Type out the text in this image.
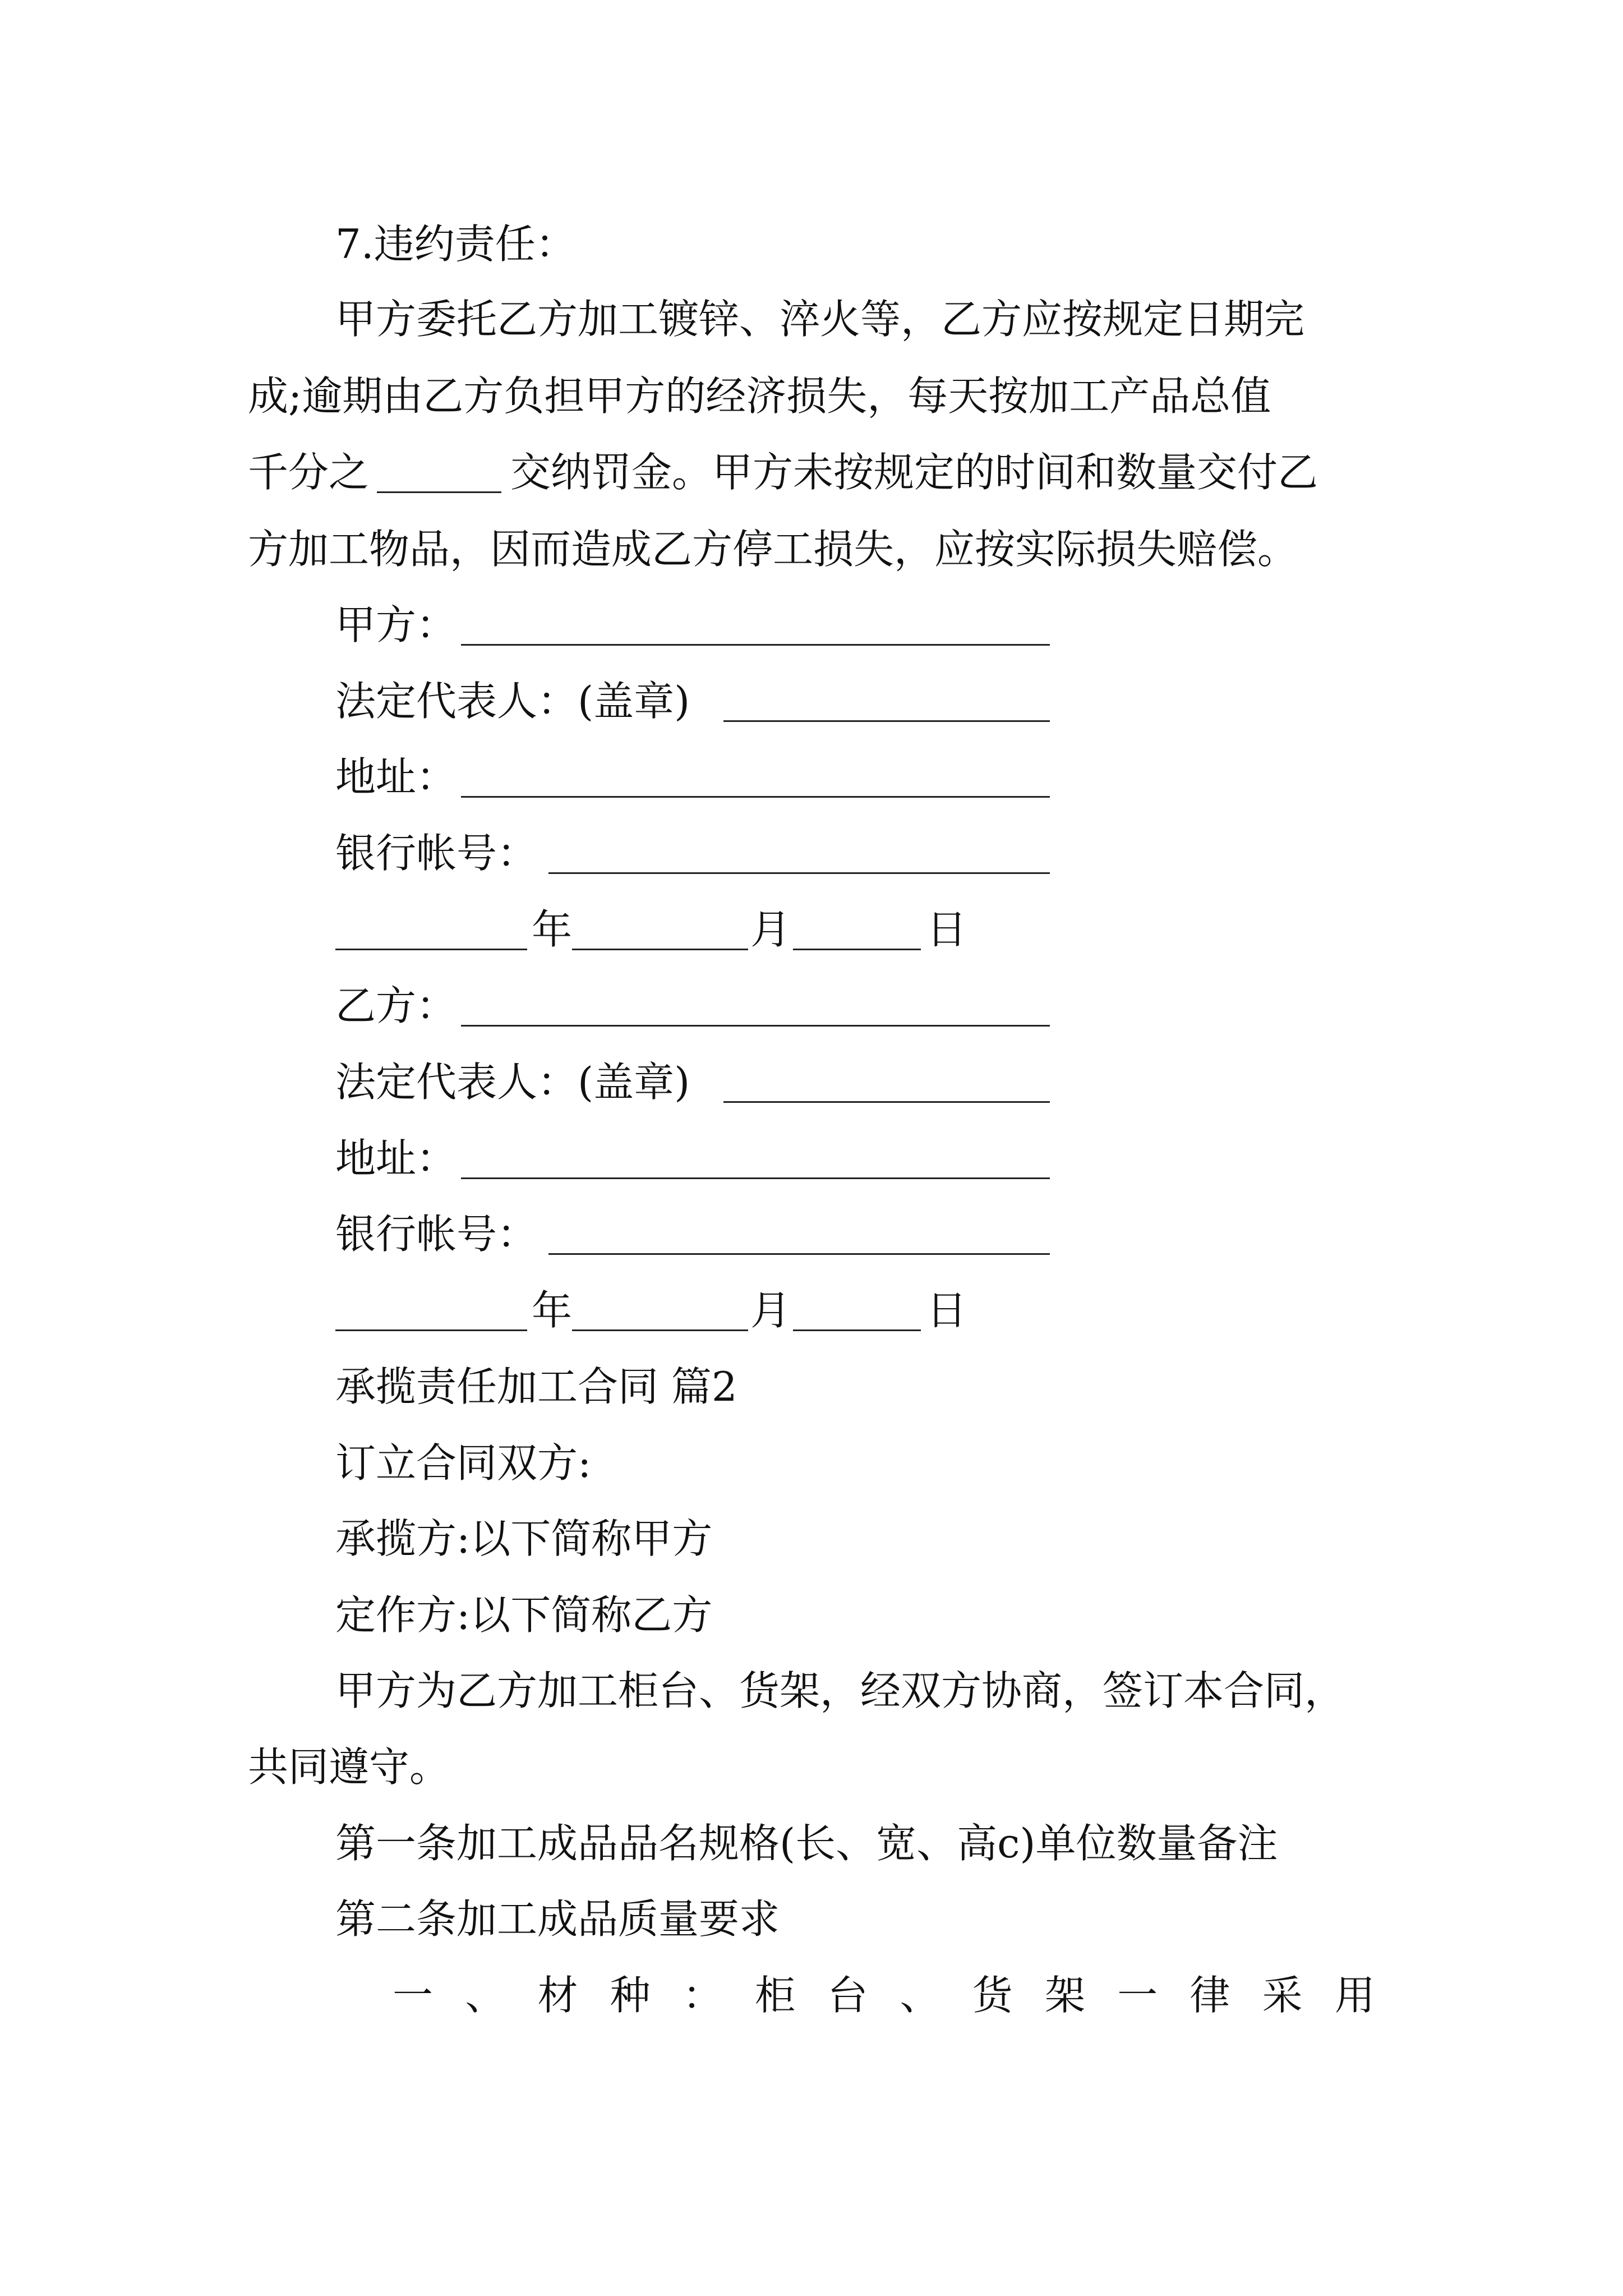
7.违约责任：
甲方委托乙方加工镀锌、淬火等，乙方应按规定日期完
成;逾期由乙方负担甲方的经济损失，每天按加工产品总值
千分之	交纳罚金。甲方未按规定的时间和数量交付乙
方加工物品，因而造成乙方停工损失，应按实际损失赔偿。
甲方：
法定代表人：(盖章)
地址：
银行帐号：
年	月	日
乙方：
法定代表人：(盖章)
地址：
银行帐号：
年	月	日
承揽责任加工合同 篇2
订立合同双方:
承揽方:以下简称甲方
定作方:以下简称乙方
甲方为乙方加工柜台、货架，经双方协商，签订本合同，
共同遵守。
第一条加工成品品名规格(长、宽、高c)单位数量备注
第二条加工成品质量要求
一 、 材 种 ： 柜 台 、 货 架 一 律 采 用
